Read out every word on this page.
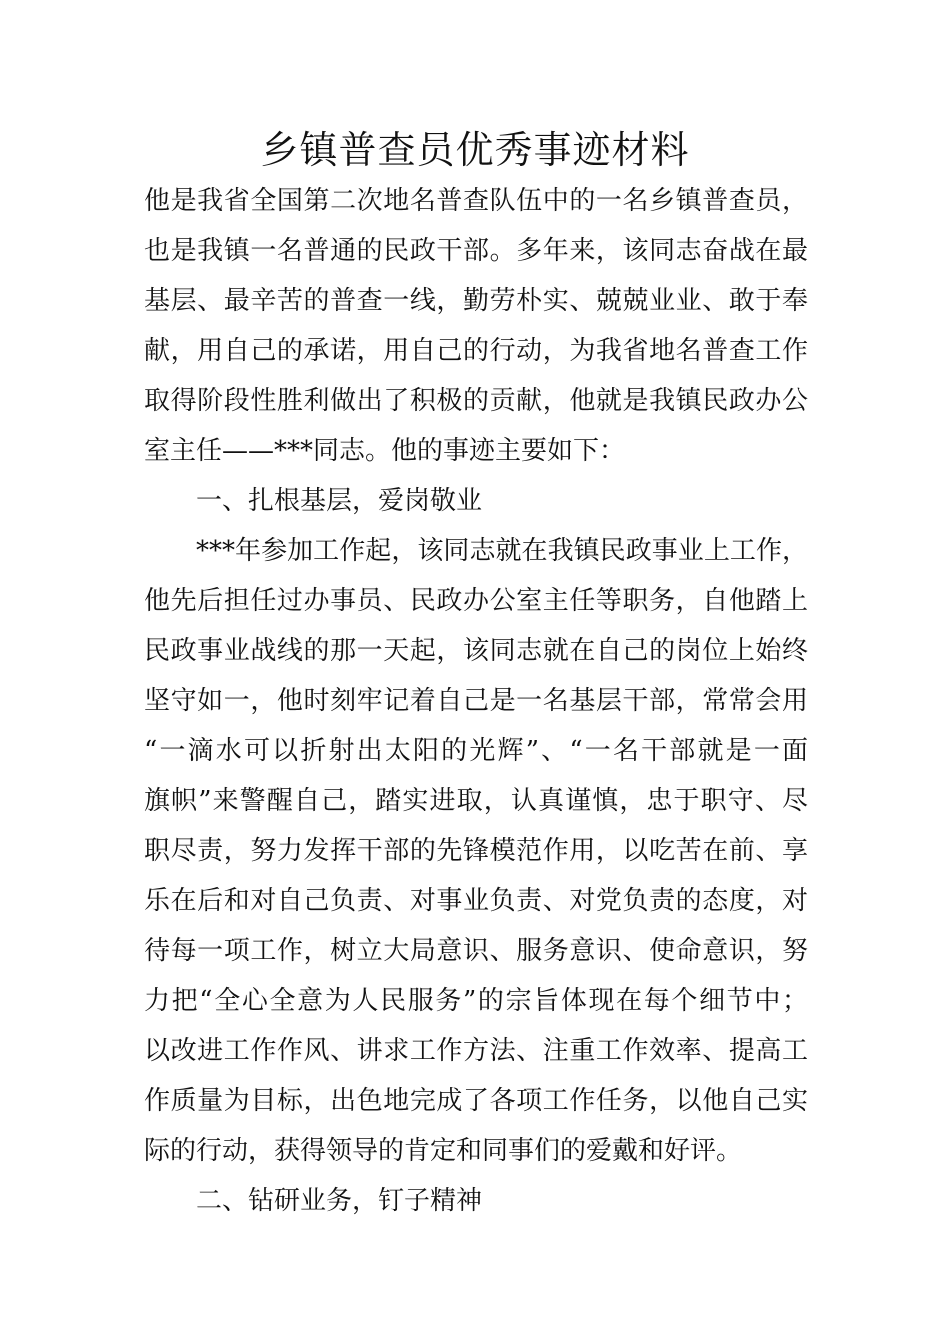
乡镇普查员优秀事迹材料
他是我省全国第二次地名普查队伍中的一名乡镇普查员，
也是我镇一名普通的民政干部。多年来，该同志奋战在最
基层、最辛苦的普查一线，勤劳朴实、兢兢业业、敢于奉
献，用自己的承诺，用自己的行动，为我省地名普查工作
取得阶段性胜利做出了积极的贡献，他就是我镇民政办公
室主任——***同志。他的事迹主要如下：
一、扎根基层，爱岗敬业
***年参加工作起，该同志就在我镇民政事业上工作，
他先后担任过办事员、民政办公室主任等职务，自他踏上
民政事业战线的那一天起，该同志就在自己的岗位上始终
坚守如一，他时刻牢记着自己是一名基层干部，常常会用
“一滴水可以折射出太阳的光辉”、“一名干部就是一面
旗帜”来警醒自己，踏实进取，认真谨慎，忠于职守、尽
职尽责，努力发挥干部的先锋模范作用，以吃苦在前、享
乐在后和对自己负责、对事业负责、对党负责的态度，对
待每一项工作，树立大局意识、服务意识、使命意识，努
力把“全心全意为人民服务”的宗旨体现在每个细节中；
以改进工作作风、讲求工作方法、注重工作效率、提高工
作质量为目标，出色地完成了各项工作任务，以他自己实
际的行动，获得领导的肯定和同事们的爱戴和好评。
二、钻研业务，钉子精神
